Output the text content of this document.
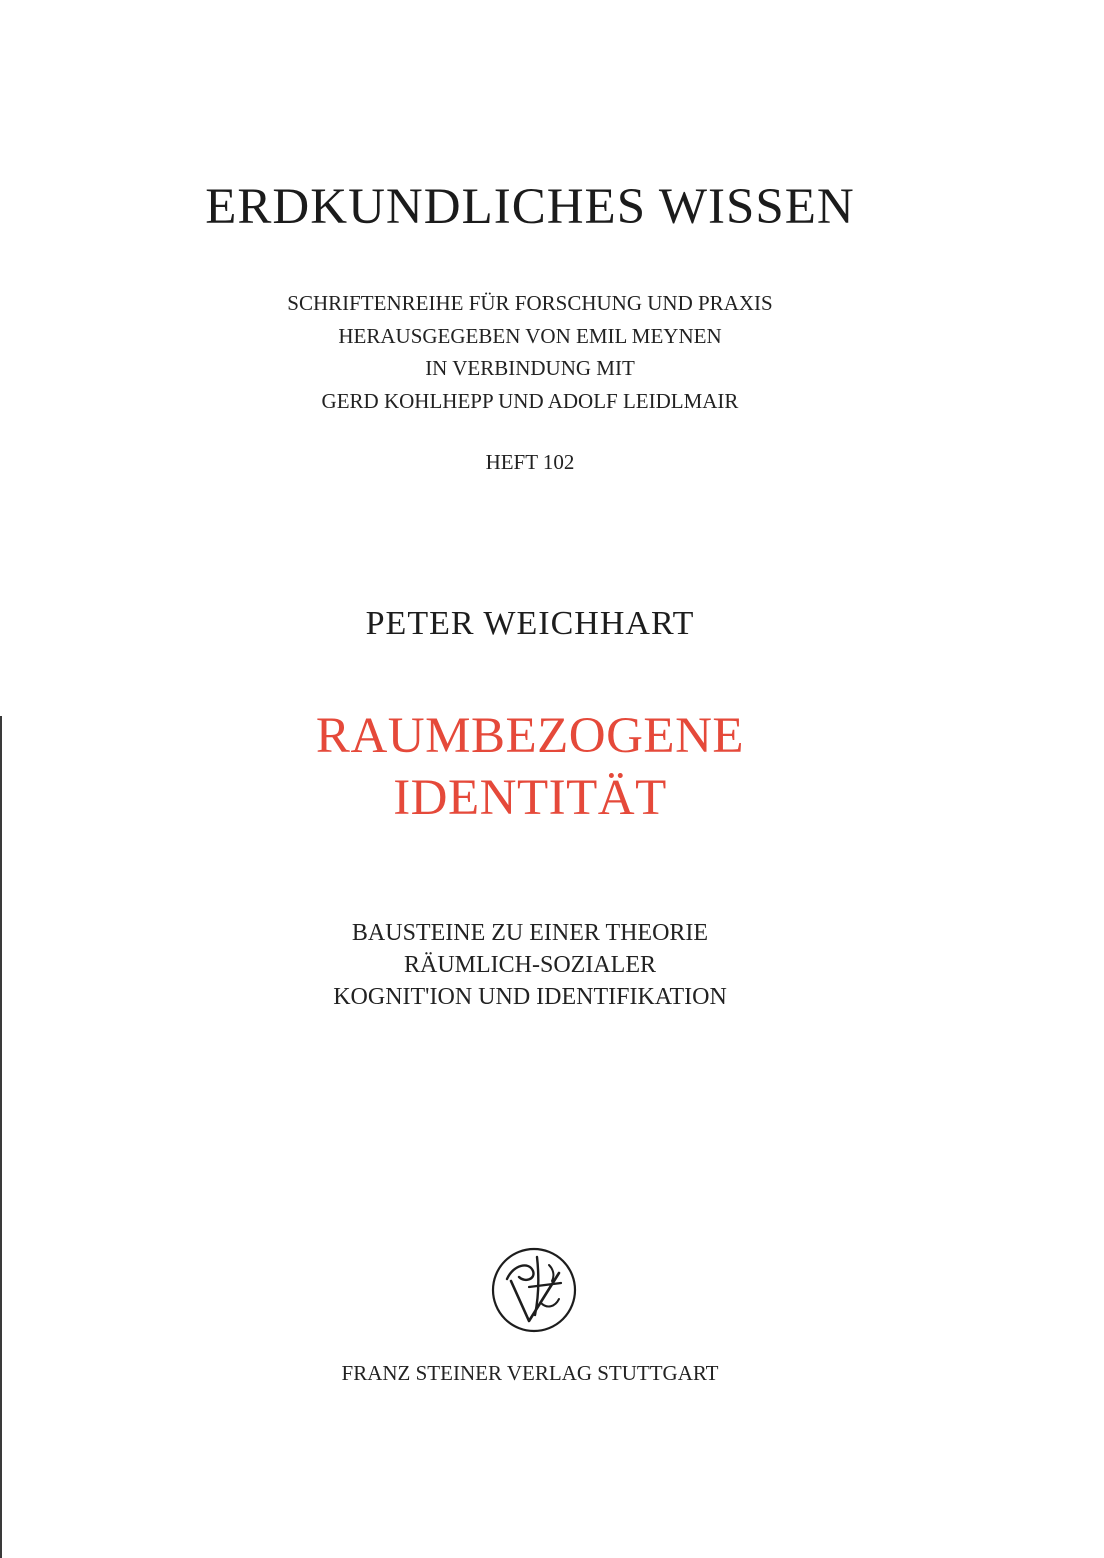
ERDKUNDLICHES WISSEN
SCHRIFTENREIHE FÜR FORSCHUNG UND PRAXIS
HERAUSGEGEBEN VON EMIL MEYNEN
IN VERBINDUNG MIT
GERD KOHLHEPP UND ADOLF LEIDLMAIR
HEFT 102
PETER WEICHHART
RAUMBEZOGENE
IDENTITÄT
BAUSTEINE ZU EINER THEORIE
RÄUMLICH-SOZIALER
KOGNIT'ION UND IDENTIFIKATION
FRANZ STEINER VERLAG STUTTGART
